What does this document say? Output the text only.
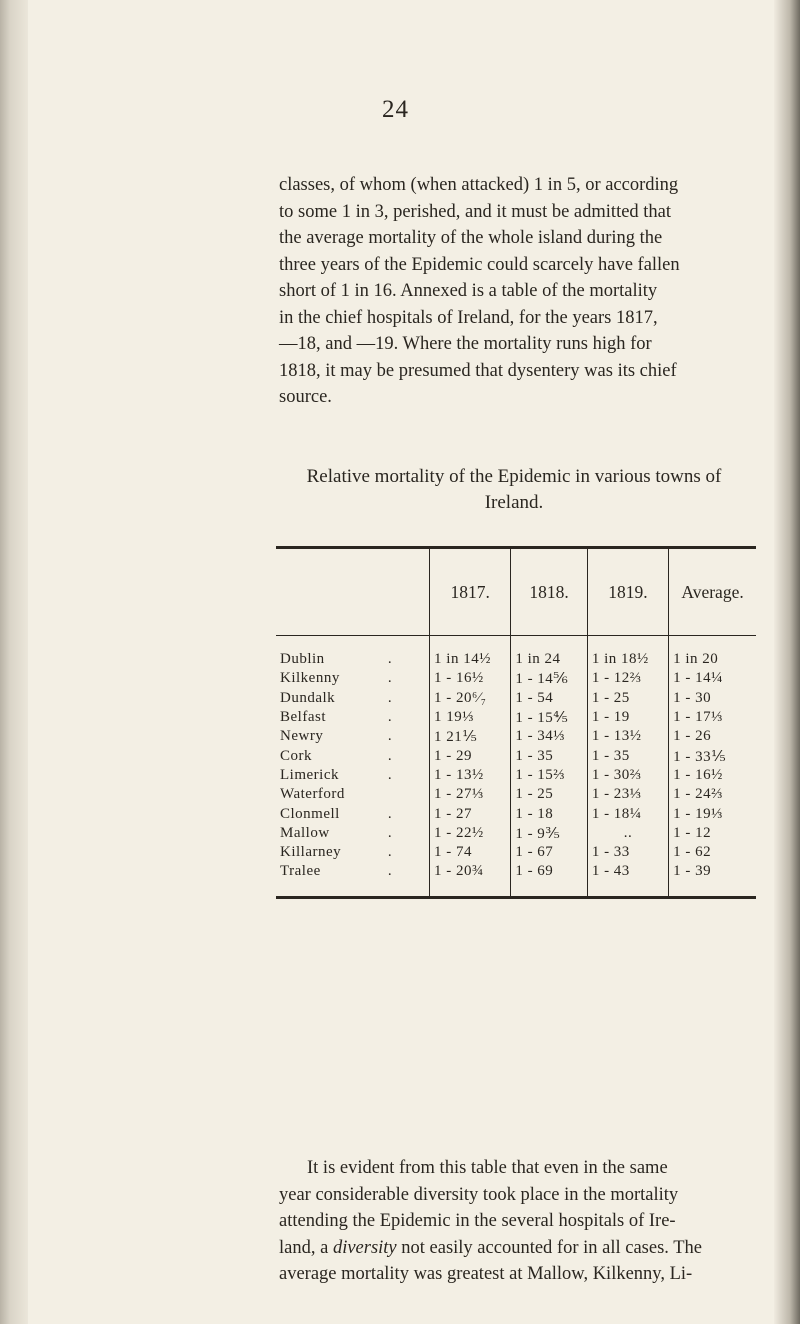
24
classes, of whom (when attacked) 1 in 5, or according
to some 1 in 3, perished, and it must be admitted that
the average mortality of the whole island during the
three years of the Epidemic could scarcely have fallen
short of 1 in 16. Annexed is a table of the mortality
in the chief hospitals of Ireland, for the years 1817,
—18, and —19. Where the mortality runs high for
1818, it may be presumed that dysentery was its chief
source.
Relative mortality of the Epidemic in various towns of
Ireland.
	1817.	1818.	1819.	Average.
Dublin .	1 in 14½	1 in 24	1 in 18½	1 in 20
Kilkenny .	1 - 16½	1 - 14⅚	1 - 12⅔	1 - 14¼
Dundalk .	1 - 20⁶⁄₇	1 - 54	1 - 25	1 - 30
Belfast .	1 19⅓	1 - 15⅘	1 - 19	1 - 17⅓
Newry .	1 21⅕	1 - 34⅓	1 - 13½	1 - 26
Cork .	1 - 29	1 - 35	1 - 35	1 - 33⅕
Limerick .	1 - 13½	1 - 15⅔	1 - 30⅔	1 - 16½
Waterford	1 - 27⅓	1 - 25	1 - 23⅓	1 - 24⅔
Clonmell .	1 - 27	1 - 18	1 - 18¼	1 - 19⅓
Mallow .	1 - 22½	1 - 9⅗	..	1 - 12
Killarney .	1 - 74	1 - 67	1 - 33	1 - 62
Tralee .	1 - 20¾	1 - 69	1 - 43	1 - 39
It is evident from this table that even in the same
year considerable diversity took place in the mortality
attending the Epidemic in the several hospitals of Ire-
land, a diversity not easily accounted for in all cases. The
average mortality was greatest at Mallow, Kilkenny, Li-
